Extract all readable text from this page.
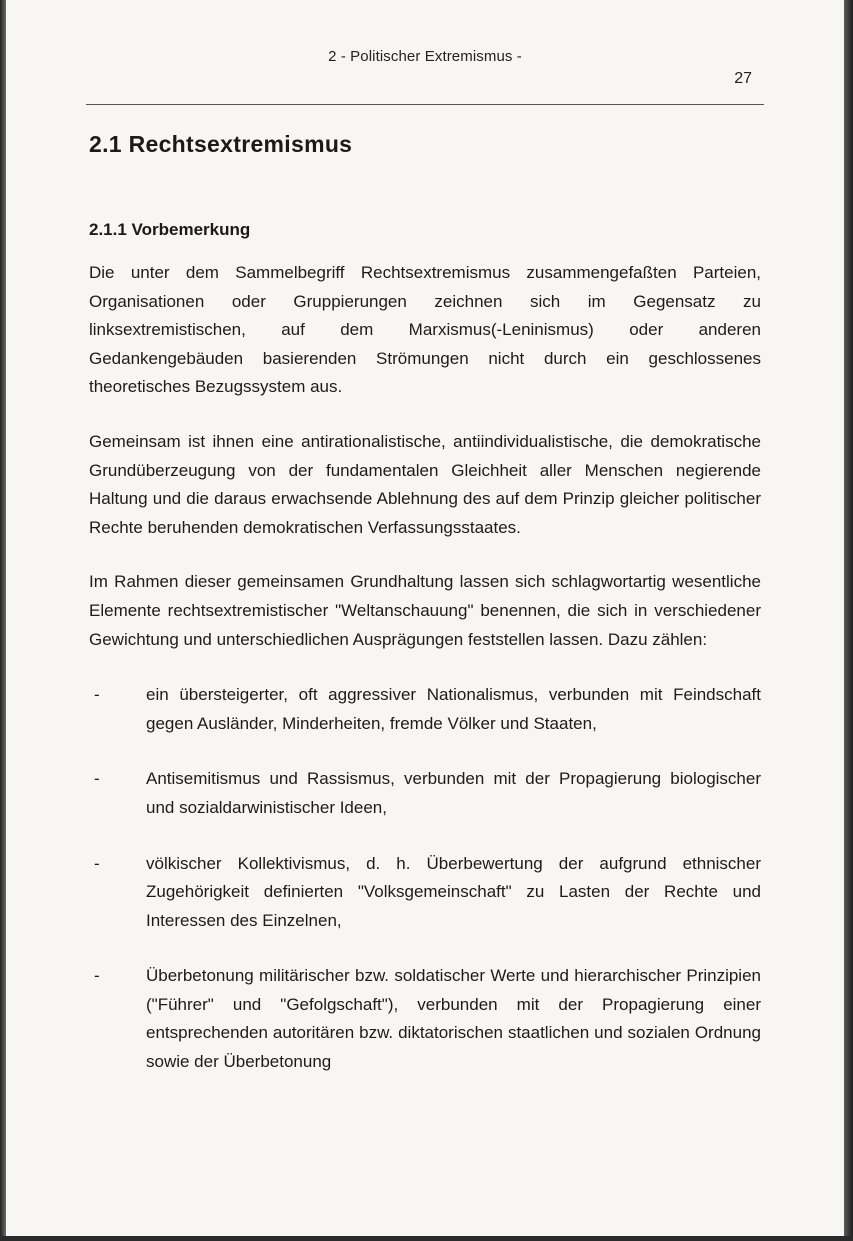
2 - Politischer Extremismus -
27
2.1 Rechtsextremismus
2.1.1 Vorbemerkung

Die unter dem Sammelbegriff Rechtsextremismus zusammengefaßten Parteien, Organisationen oder Gruppierungen zeichnen sich im Gegensatz zu linksextremistischen, auf dem Marxismus(-Leninismus) oder anderen Gedankengebäuden basierenden Strömungen nicht durch ein geschlossenes theoretisches Bezugssystem aus.

Gemeinsam ist ihnen eine antirationalistische, antiindividualistische, die demokratische Grundüberzeugung von der fundamentalen Gleichheit aller Menschen negierende Haltung und die daraus erwachsende Ablehnung des auf dem Prinzip gleicher politischer Rechte beruhenden demokratischen Verfassungsstaates.

Im Rahmen dieser gemeinsamen Grundhaltung lassen sich schlagwortartig wesentliche Elemente rechtsextremistischer "Weltanschauung" benennen, die sich in verschiedener Gewichtung und unterschiedlichen Ausprägungen feststellen lassen. Dazu zählen:

-	ein übersteigerter, oft aggressiver Nationalismus, verbunden mit Feindschaft gegen Ausländer, Minderheiten, fremde Völker und Staaten,
-	Antisemitismus und Rassismus, verbunden mit der Propagierung biologischer und sozialdarwinistischer Ideen,
-	völkischer Kollektivismus, d. h. Überbewertung der aufgrund ethnischer Zugehörigkeit definierten "Volksgemeinschaft" zu Lasten der Rechte und Interessen des Einzelnen,
-	Überbetonung militärischer bzw. soldatischer Werte und hierarchischer Prinzipien ("Führer" und "Gefolgschaft"), verbunden mit der Propagierung einer entsprechenden autoritären bzw. diktatorischen staatlichen und sozialen Ordnung sowie der Überbetonung
